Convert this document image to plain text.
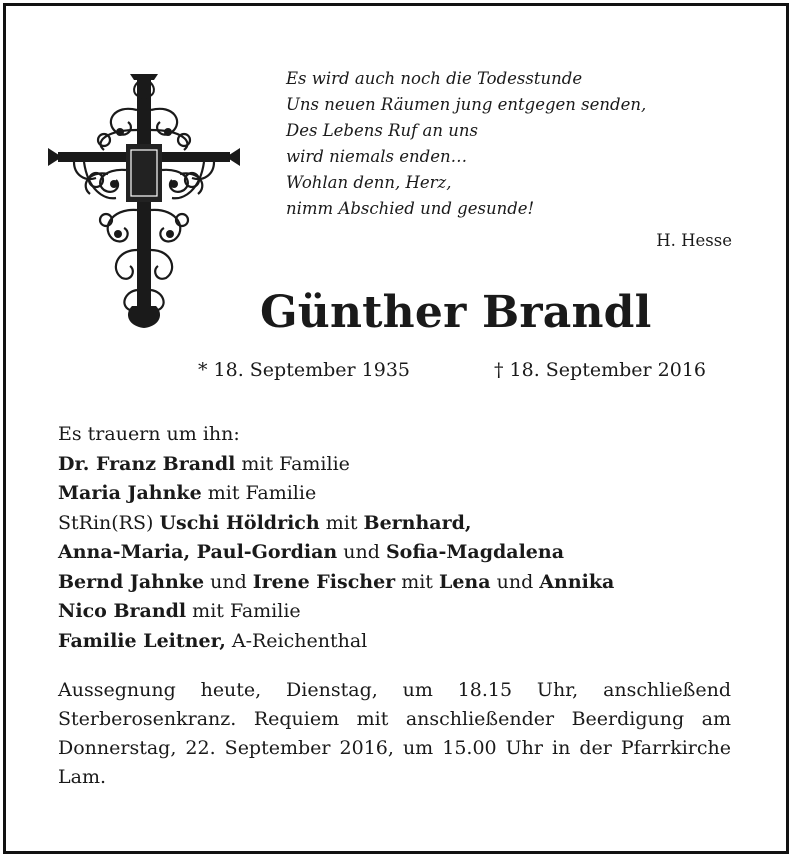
Es wird auch noch die Todesstunde
Uns neuen Räumen jung entgegen senden,
Des Lebens Ruf an uns
wird niemals enden…
Wohlan denn, Herz,
nimm Abschied und gesunde!
H. Hesse
Günther Brandl
* 18. September 1935	† 18. September 2016
Es trauern um ihn:
Dr. Franz Brandl mit Familie
Maria Jahnke mit Familie
StRin(RS) Uschi Höldrich mit Bernhard,
Anna-Maria, Paul-Gordian und Sofia-Magdalena
Bernd Jahnke und Irene Fischer mit Lena und Annika
Nico Brandl mit Familie
Familie Leitner, A-Reichenthal
Aussegnung heute, Dienstag, um 18.15 Uhr, anschließend Sterberosenkranz. Requiem mit anschließender Beerdigung am Donnerstag, 22. September 2016, um 15.00 Uhr in der Pfarrkirche Lam.
